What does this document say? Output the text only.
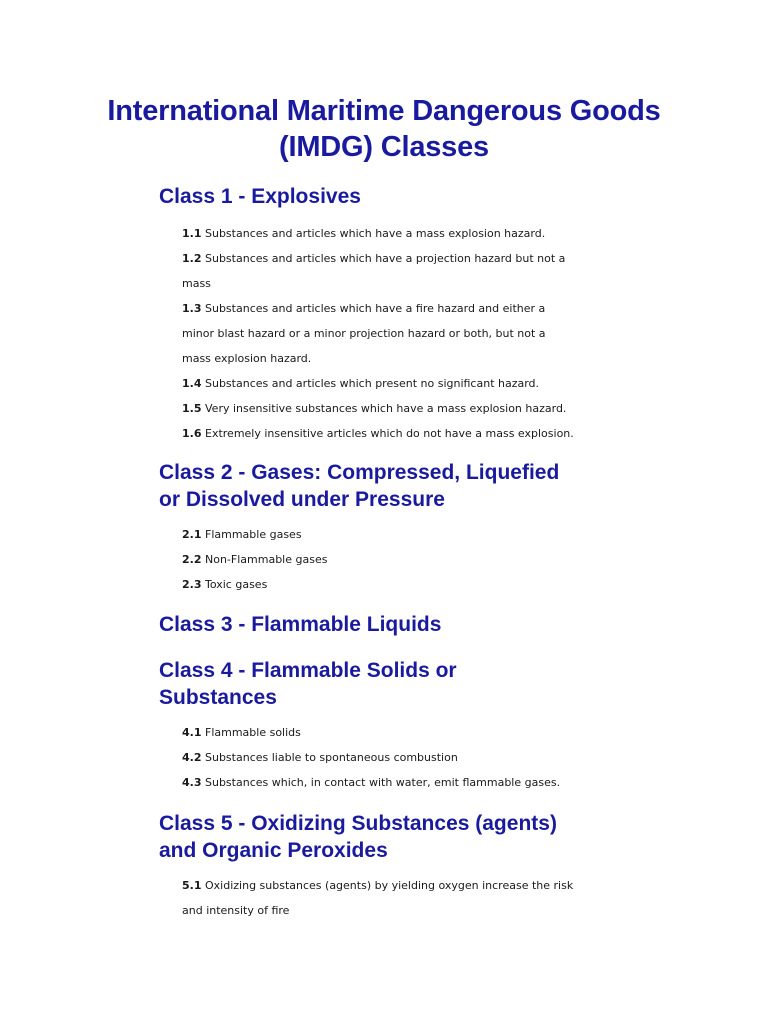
International Maritime Dangerous Goods
(IMDG) Classes
Class 1 - Explosives

1.1 Substances and articles which have a mass explosion hazard.

1.2 Substances and articles which have a projection hazard but not a mass

1.3 Substances and articles which have a fire hazard and either a minor blast hazard or a minor projection hazard or both, but not a mass explosion hazard.

1.4 Substances and articles which present no significant hazard.

1.5 Very insensitive substances which have a mass explosion hazard.

1.6 Extremely insensitive articles which do not have a mass explosion.

Class 2 - Gases: Compressed, Liquefied
or Dissolved under Pressure

2.1 Flammable gases

2.2 Non-Flammable gases

2.3 Toxic gases

Class 3 - Flammable Liquids
Class 4 - Flammable Solids or
Substances

4.1 Flammable solids

4.2 Substances liable to spontaneous combustion

4.3 Substances which, in contact with water, emit flammable gases.

Class 5 - Oxidizing Substances (agents)
and Organic Peroxides

5.1 Oxidizing substances (agents) by yielding oxygen increase the risk and intensity of fire
